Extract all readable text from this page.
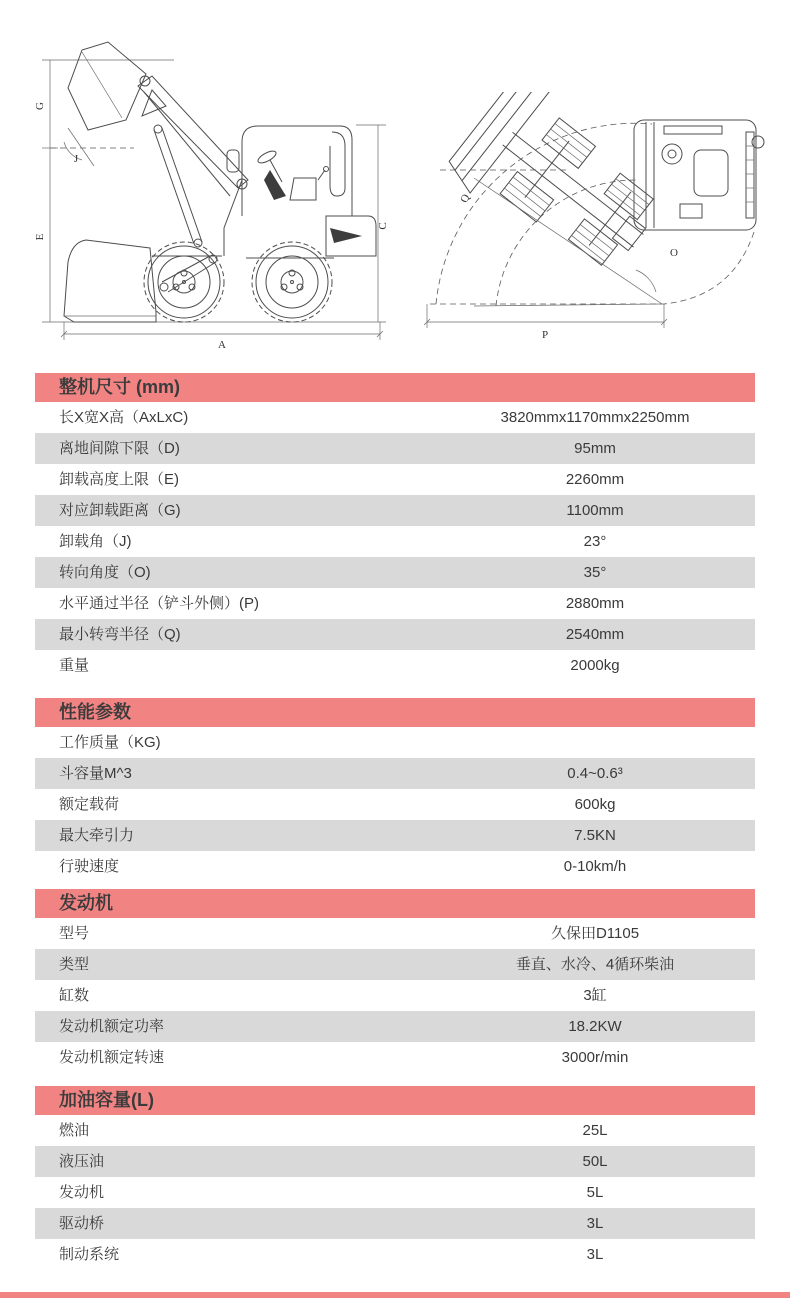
G
E
J
C
A
Q
O
P
整机尺寸 (mm)
长X宽X高（AxLxC)	3820mmx1170mmx2250mm
离地间隙下限（D)	95mm
卸载高度上限（E)	2260mm
对应卸载距离（G)	1100mm
卸载角（J)	23°
转向角度（O)	35°
水平通过半径（铲斗外侧）(P)	2880mm
最小转弯半径（Q)	2540mm
重量	2000kg
性能参数
工作质量（KG)
斗容量M^3	0.4~0.6³
额定载荷	600kg
最大牵引力	7.5KN
行驶速度	0-10km/h
发动机
型号	久保田D1105
类型	垂直、水冷、4循环柴油
缸数	3缸
发动机额定功率	18.2KW
发动机额定转速	3000r/min
加油容量(L)
燃油	25L
液压油	50L
发动机	5L
驱动桥	3L
制动系统	3L
